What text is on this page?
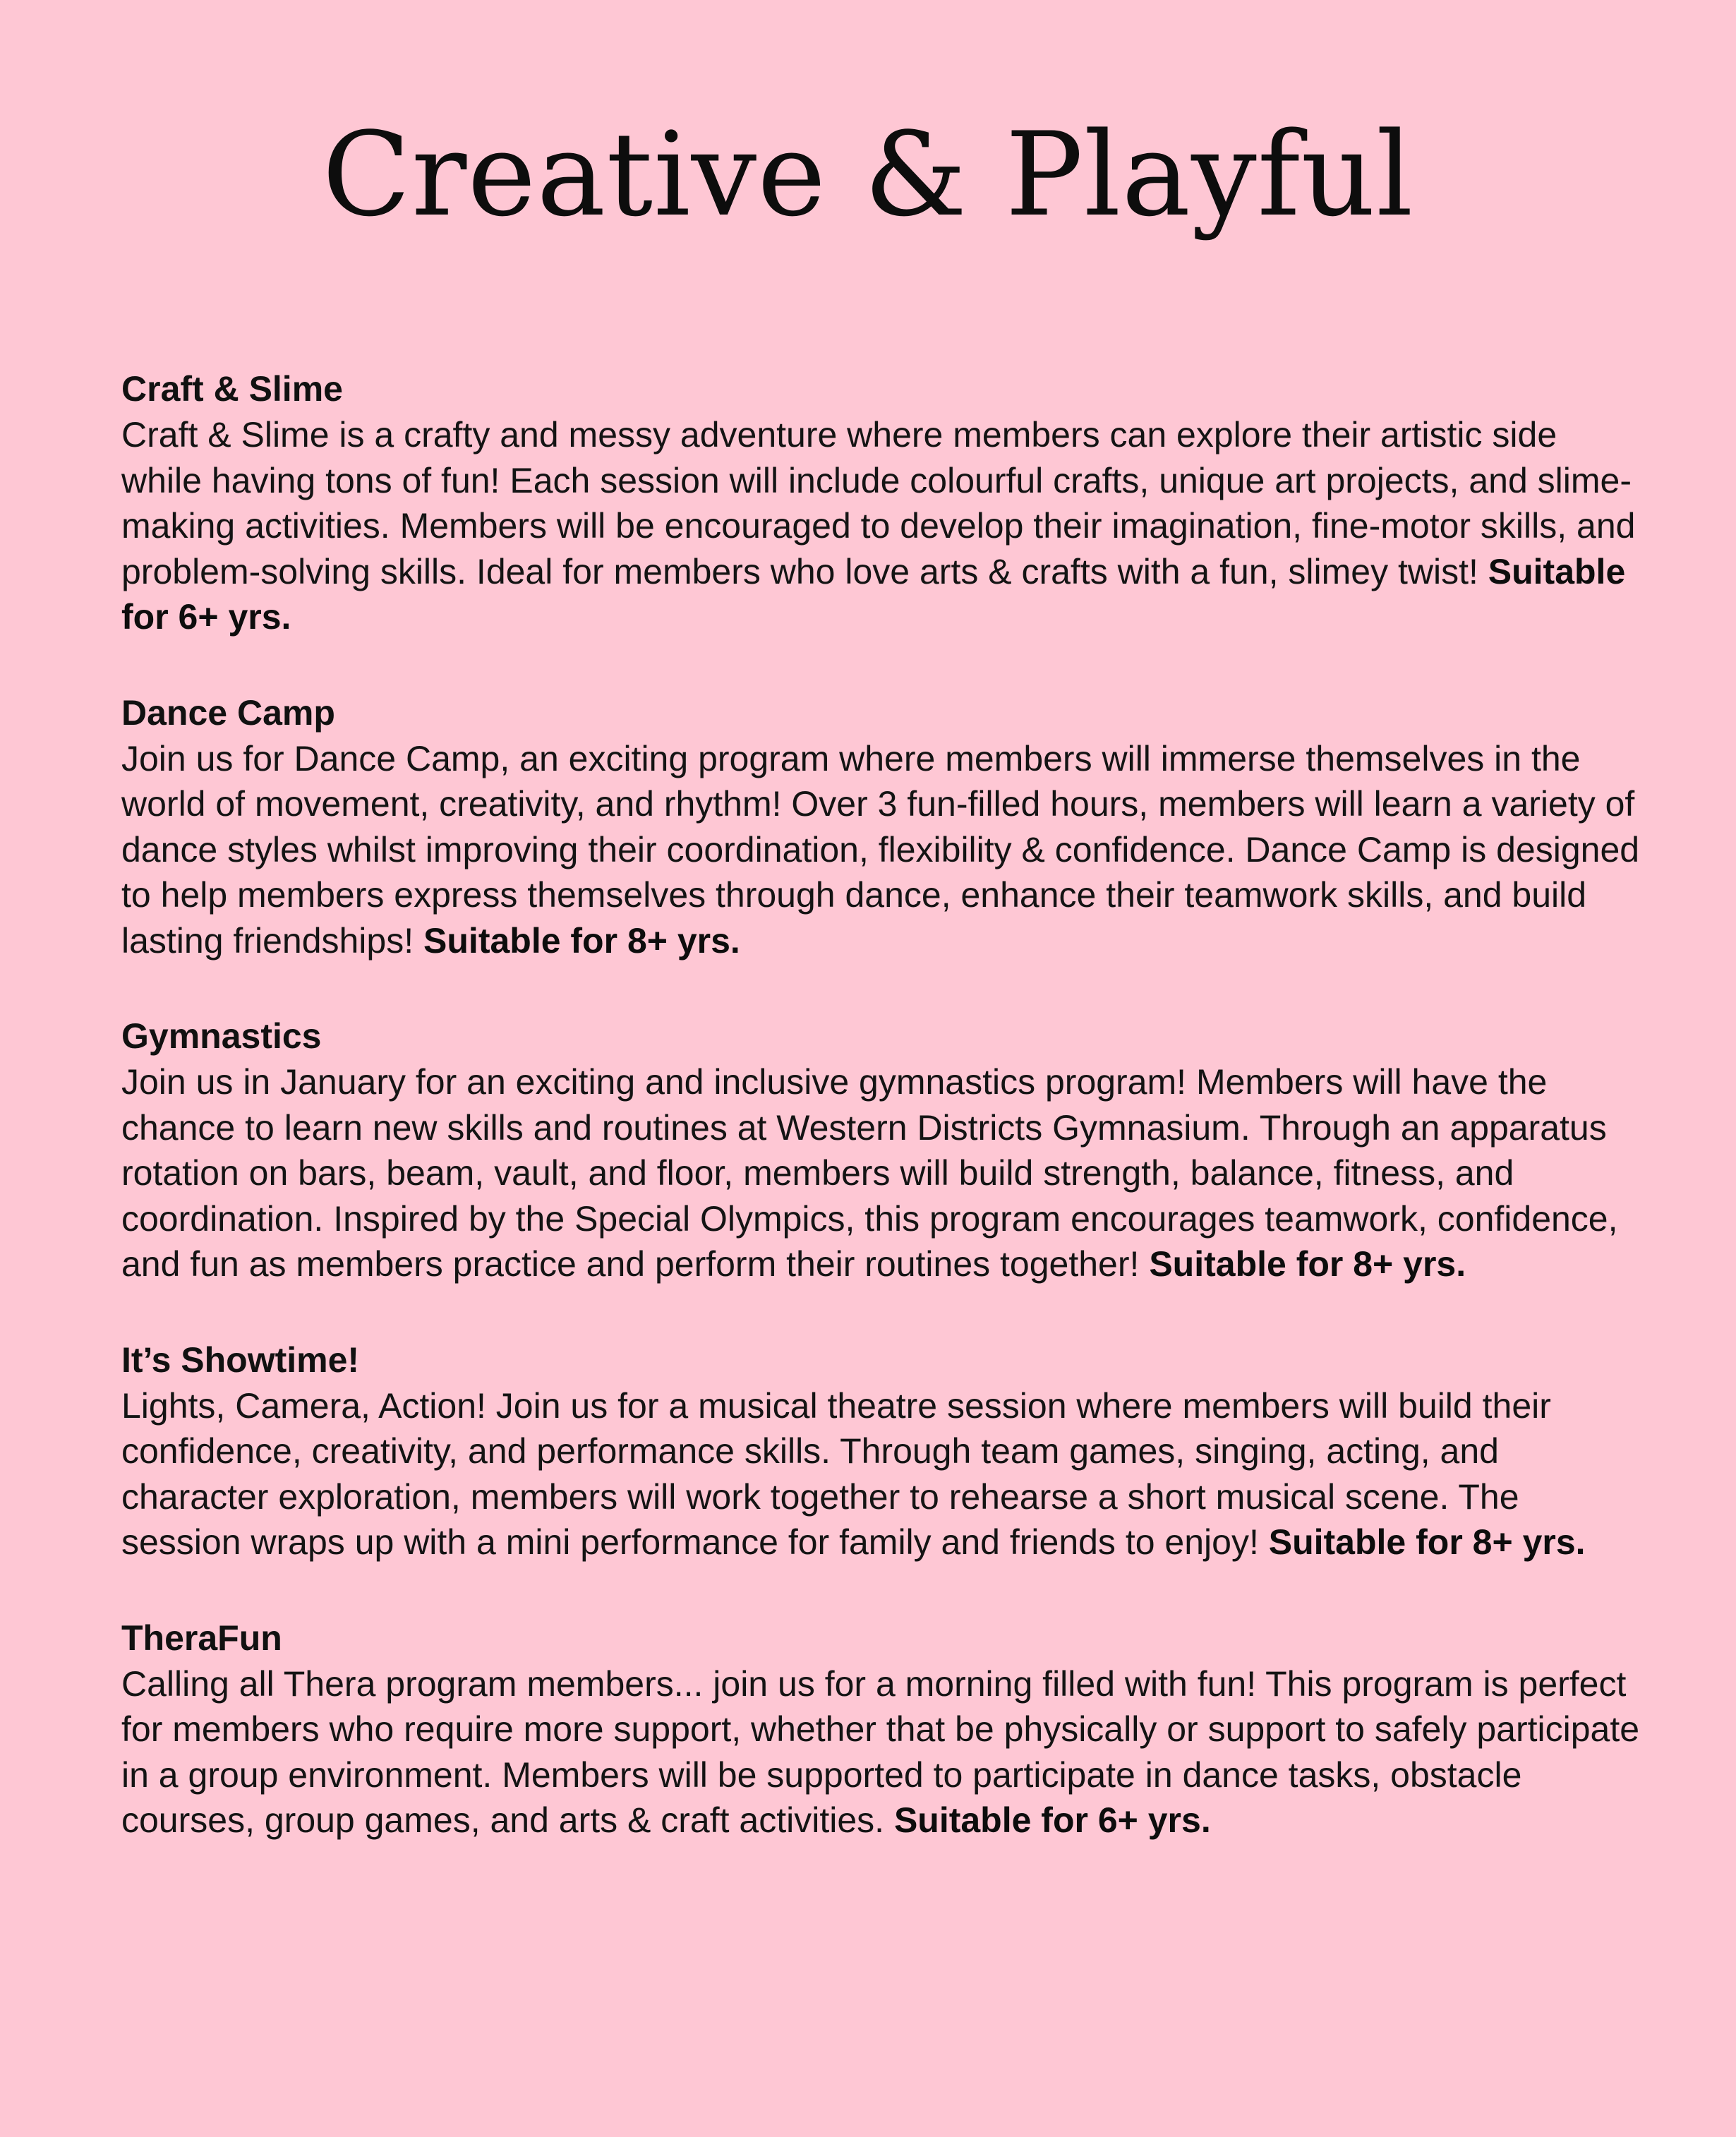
Creative & Playful
Craft & Slime

Craft & Slime is a crafty and messy adventure where members can explore their artistic side while having tons of fun! Each session will include colourful crafts, unique art projects, and slime-making activities. Members will be encouraged to develop their imagination, fine-motor skills, and problem-solving skills. Ideal for members who love arts & crafts with a fun, slimey twist! Suitable for 6+ yrs.

Dance Camp

Join us for Dance Camp, an exciting program where members will immerse themselves in the world of movement, creativity, and rhythm! Over 3 fun-filled hours, members will learn a variety of dance styles whilst improving their coordination, flexibility & confidence. Dance Camp is designed to help members express themselves through dance, enhance their teamwork skills, and build lasting friendships! Suitable for 8+ yrs.

Gymnastics

Join us in January for an exciting and inclusive gymnastics program! Members will have the chance to learn new skills and routines at Western Districts Gymnasium. Through an apparatus rotation on bars, beam, vault, and floor, members will build strength, balance, fitness, and coordination. Inspired by the Special Olympics, this program encourages teamwork, confidence, and fun as members practice and perform their routines together! Suitable for 8+ yrs.

It’s Showtime!

Lights, Camera, Action! Join us for a musical theatre session where members will build their confidence, creativity, and performance skills. Through team games, singing, acting, and character exploration, members will work together to rehearse a short musical scene. The session wraps up with a mini performance for family and friends to enjoy! Suitable for 8+ yrs.

TheraFun

Calling all Thera program members... join us for a morning filled with fun! This program is perfect for members who require more support, whether that be physically or support to safely participate in a group environment. Members will be supported to participate in dance tasks, obstacle courses, group games, and arts & craft activities. Suitable for 6+ yrs.
